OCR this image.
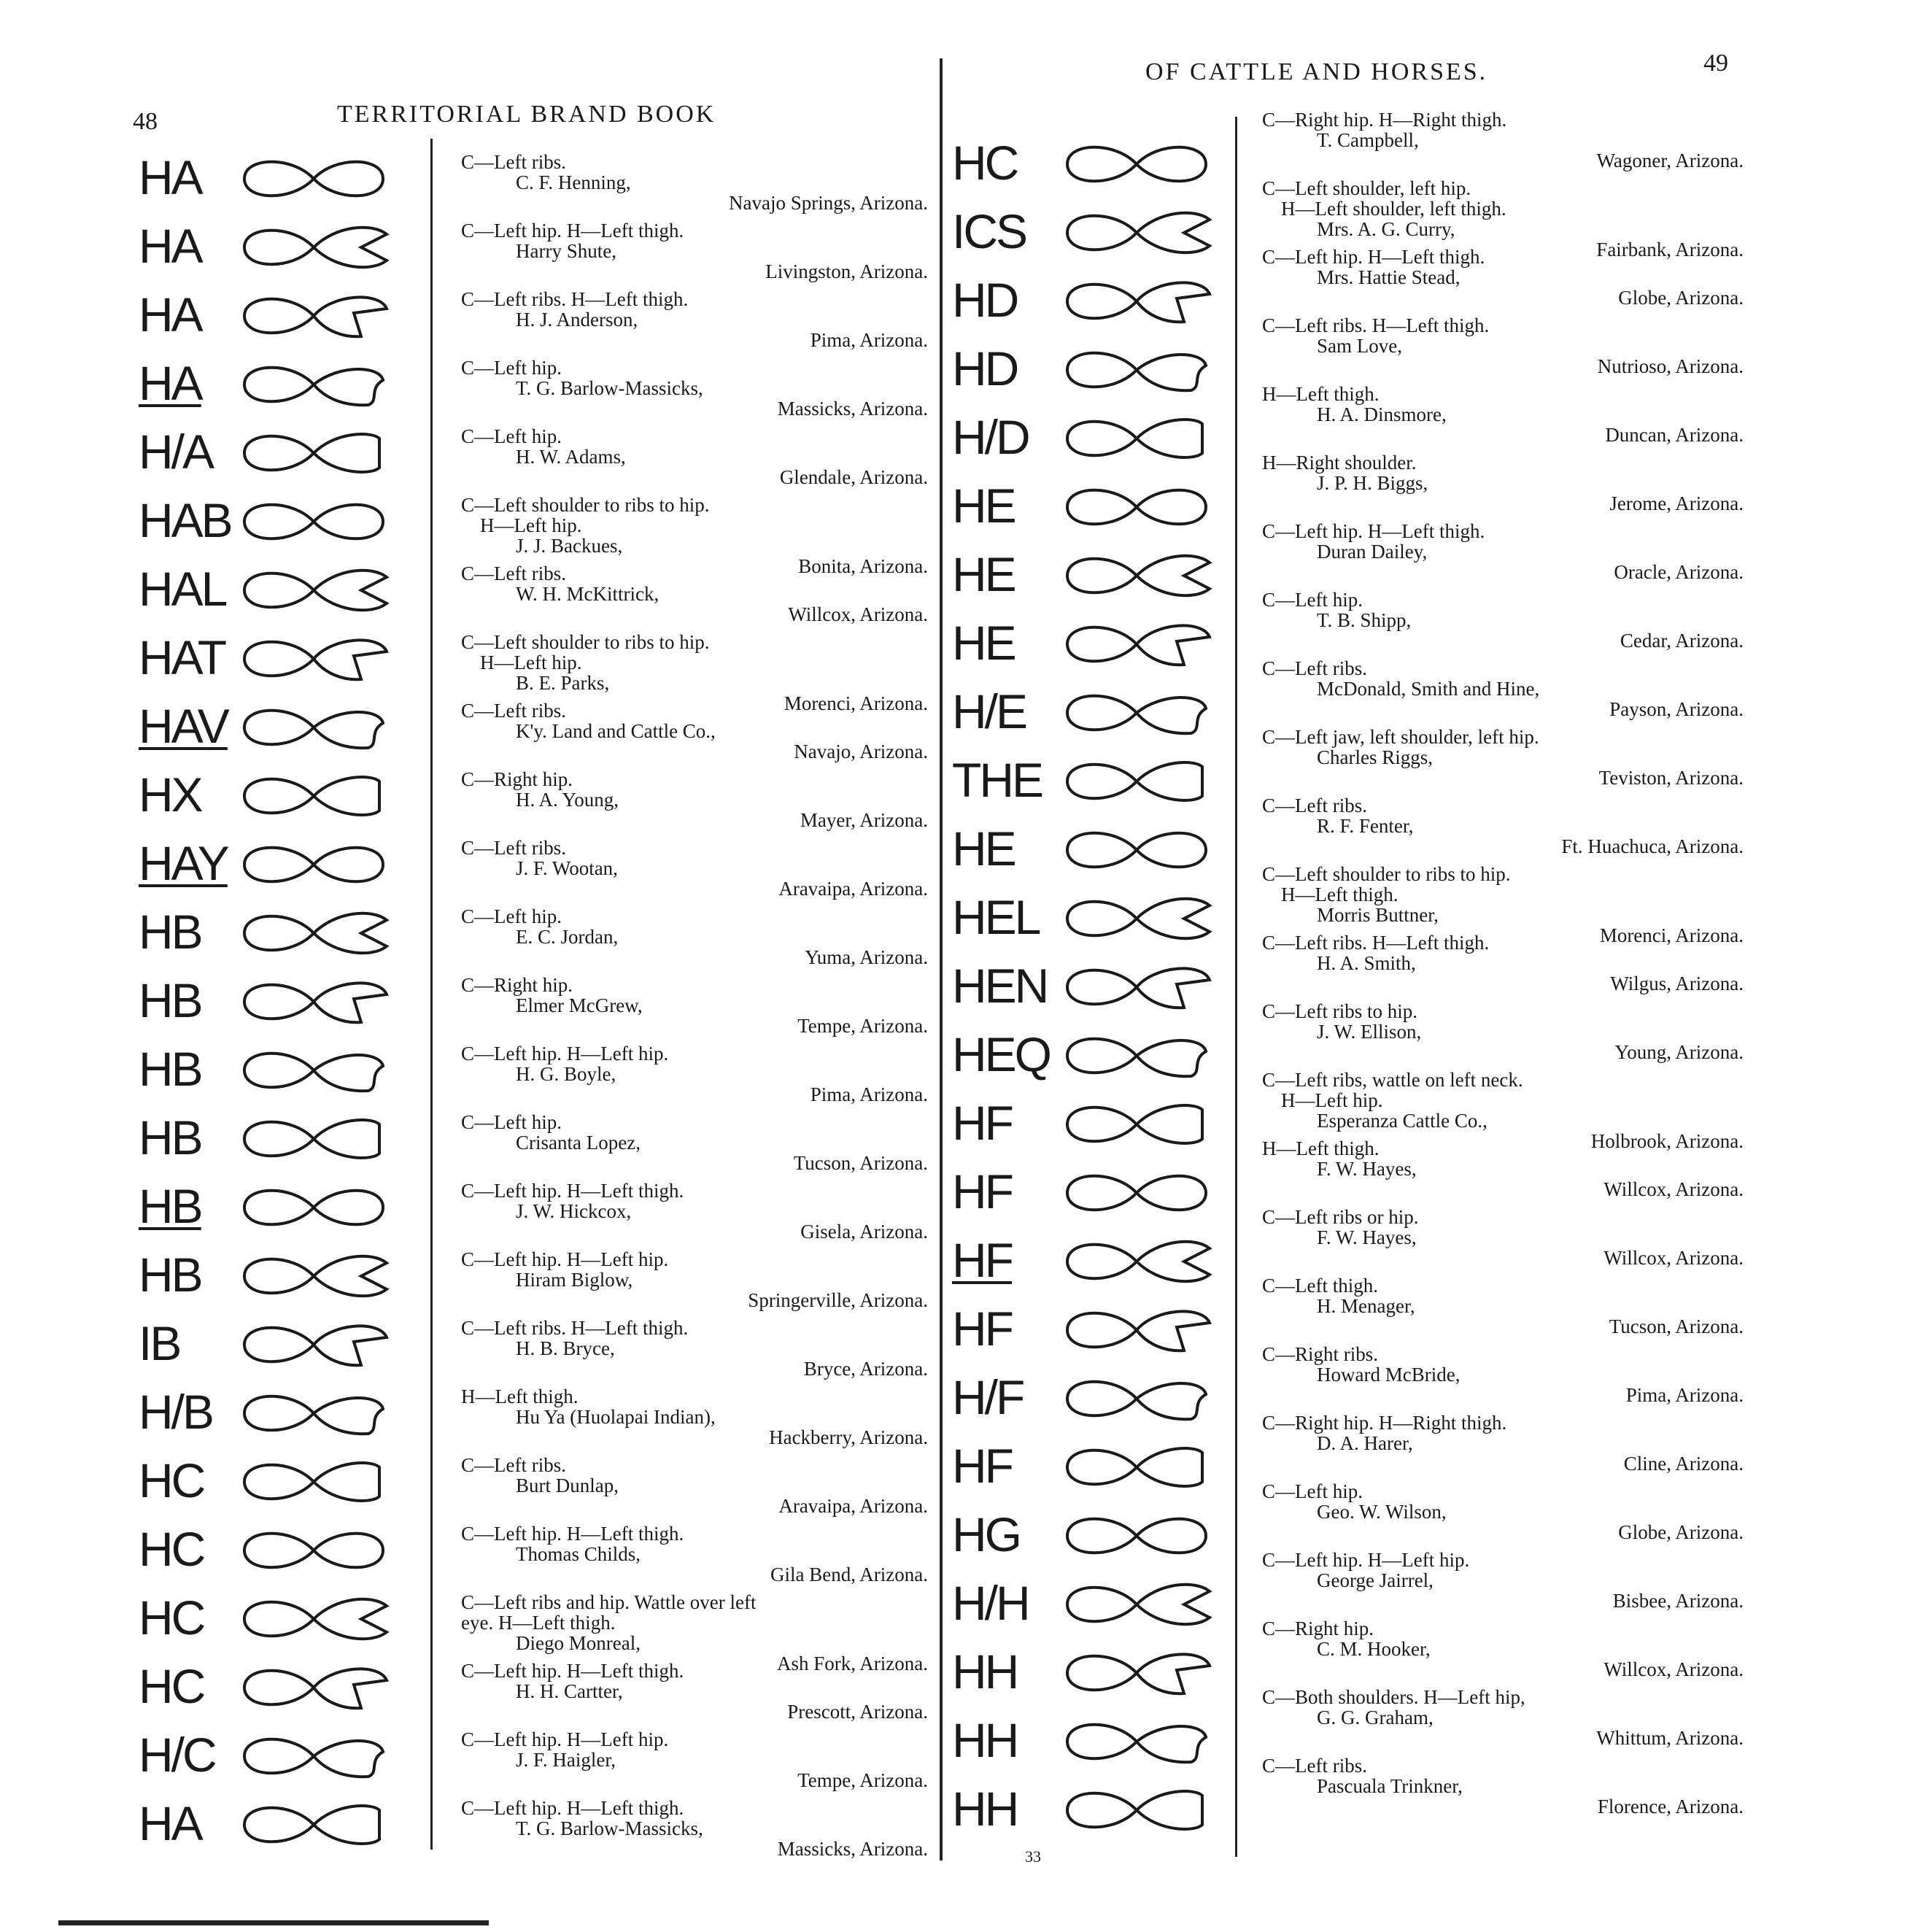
48	TERRITORIAL BRAND BOOK
HA
HA
HA
HA
H/A
HAB
HAL
HAT
HAV
HX
HAY
HB
HB
HB
HB
HB
HB
IB
H/B
HC
HC
HC
HC
H/C
HA
C—Left ribs.
C. F. Henning,
Navajo Springs, Arizona.
C—Left hip. H—Left thigh.
Harry Shute,
Livingston, Arizona.
C—Left ribs. H—Left thigh.
H. J. Anderson,
Pima, Arizona.
C—Left hip.
T. G. Barlow-Massicks,
Massicks, Arizona.
C—Left hip.
H. W. Adams,
Glendale, Arizona.
C—Left shoulder to ribs to hip.
H—Left hip.
J. J. Backues,
Bonita, Arizona.
C—Left ribs.
W. H. McKittrick,
Willcox, Arizona.
C—Left shoulder to ribs to hip.
H—Left hip.
B. E. Parks,
Morenci, Arizona.
C—Left ribs.
K'y. Land and Cattle Co.,
Navajo, Arizona.
C—Right hip.
H. A. Young,
Mayer, Arizona.
C—Left ribs.
J. F. Wootan,
Aravaipa, Arizona.
C—Left hip.
E. C. Jordan,
Yuma, Arizona.
C—Right hip.
Elmer McGrew,
Tempe, Arizona.
C—Left hip. H—Left hip.
H. G. Boyle,
Pima, Arizona.
C—Left hip.
Crisanta Lopez,
Tucson, Arizona.
C—Left hip. H—Left thigh.
J. W. Hickcox,
Gisela, Arizona.
C—Left hip. H—Left hip.
Hiram Biglow,
Springerville, Arizona.
C—Left ribs. H—Left thigh.
H. B. Bryce,
Bryce, Arizona.
H—Left thigh.
Hu Ya (Huolapai Indian),
Hackberry, Arizona.
C—Left ribs.
Burt Dunlap,
Aravaipa, Arizona.
C—Left hip. H—Left thigh.
Thomas Childs,
Gila Bend, Arizona.
C—Left ribs and hip. Wattle over left
eye. H—Left thigh.
Diego Monreal,
Ash Fork, Arizona.
C—Left hip. H—Left thigh.
H. H. Cartter,
Prescott, Arizona.
C—Left hip. H—Left hip.
J. F. Haigler,
Tempe, Arizona.
C—Left hip. H—Left thigh.
T. G. Barlow-Massicks,
Massicks, Arizona.
49
OF CATTLE AND HORSES.
HC
ICS
HD
HD
H/D
HE
HE
HE
H/E
THE
HE
HEL
HEN
HEQ
HF
HF
HF
HF
H/F
HF
HG
H/H
HH
HH
HH
C—Right hip. H—Right thigh.
T. Campbell,
Wagoner, Arizona.
C—Left shoulder, left hip.
H—Left shoulder, left thigh.
Mrs. A. G. Curry,
Fairbank, Arizona.
C—Left hip. H—Left thigh.
Mrs. Hattie Stead,
Globe, Arizona.
C—Left ribs. H—Left thigh.
Sam Love,
Nutrioso, Arizona.
H—Left thigh.
H. A. Dinsmore,
Duncan, Arizona.
H—Right shoulder.
J. P. H. Biggs,
Jerome, Arizona.
C—Left hip. H—Left thigh.
Duran Dailey,
Oracle, Arizona.
C—Left hip.
T. B. Shipp,
Cedar, Arizona.
C—Left ribs.
McDonald, Smith and Hine,
Payson, Arizona.
C—Left jaw, left shoulder, left hip.
Charles Riggs,
Teviston, Arizona.
C—Left ribs.
R. F. Fenter,
Ft. Huachuca, Arizona.
C—Left shoulder to ribs to hip.
H—Left thigh.
Morris Buttner,
Morenci, Arizona.
C—Left ribs. H—Left thigh.
H. A. Smith,
Wilgus, Arizona.
C—Left ribs to hip.
J. W. Ellison,
Young, Arizona.
C—Left ribs, wattle on left neck.
H—Left hip.
Esperanza Cattle Co.,
Holbrook, Arizona.
H—Left thigh.
F. W. Hayes,
Willcox, Arizona.
C—Left ribs or hip.
F. W. Hayes,
Willcox, Arizona.
C—Left thigh.
H. Menager,
Tucson, Arizona.
C—Right ribs.
Howard McBride,
Pima, Arizona.
C—Right hip. H—Right thigh.
D. A. Harer,
Cline, Arizona.
C—Left hip.
Geo. W. Wilson,
Globe, Arizona.
C—Left hip. H—Left hip.
George Jairrel,
Bisbee, Arizona.
C—Right hip.
C. M. Hooker,
Willcox, Arizona.
C—Both shoulders. H—Left hip,
G. G. Graham,
Whittum, Arizona.
C—Left ribs.
Pascuala Trinkner,
Florence, Arizona.
33
